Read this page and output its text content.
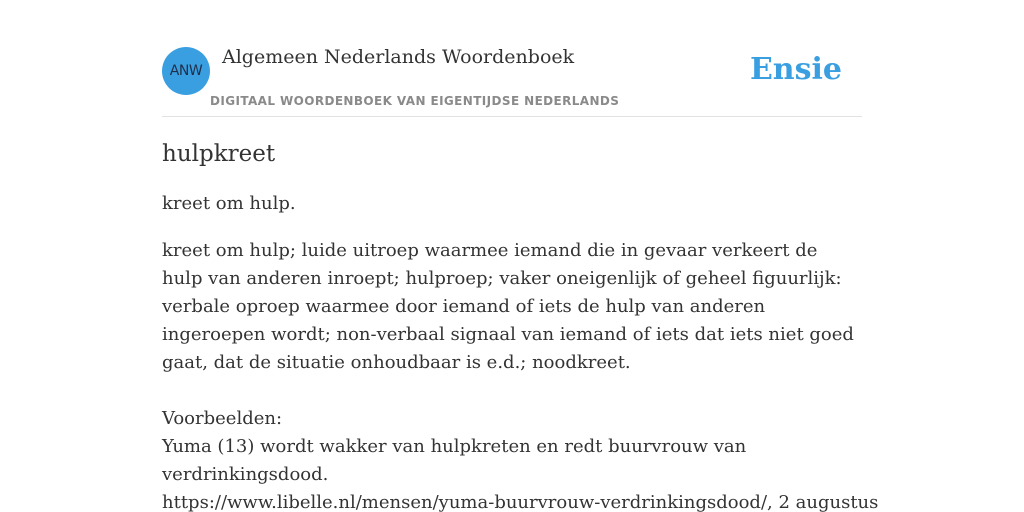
ANW
Algemeen Nederlands Woordenboek
DIGITAAL WOORDENBOEK VAN EIGENTIJDSE NEDERLANDS
Ensie
hulpkreet

kreet om hulp.

kreet om hulp; luide uitroep waarmee iemand die in gevaar verkeert de hulp van anderen inroept; hulproep; vaker oneigenlijk of geheel figuurlijk: verbale oproep waarmee door iemand of iets de hulp van anderen ingeroepen wordt; non-verbaal signaal van iemand of iets dat iets niet goed gaat, dat de situatie onhoudbaar is e.d.; noodkreet.

Voorbeelden:

Yuma (13) wordt wakker van hulpkreten en redt buurvrouw van verdrinkingsdood.

https://www.libelle.nl/mensen/yuma-buurvrouw-verdrinkingsdood/, 2 augustus
